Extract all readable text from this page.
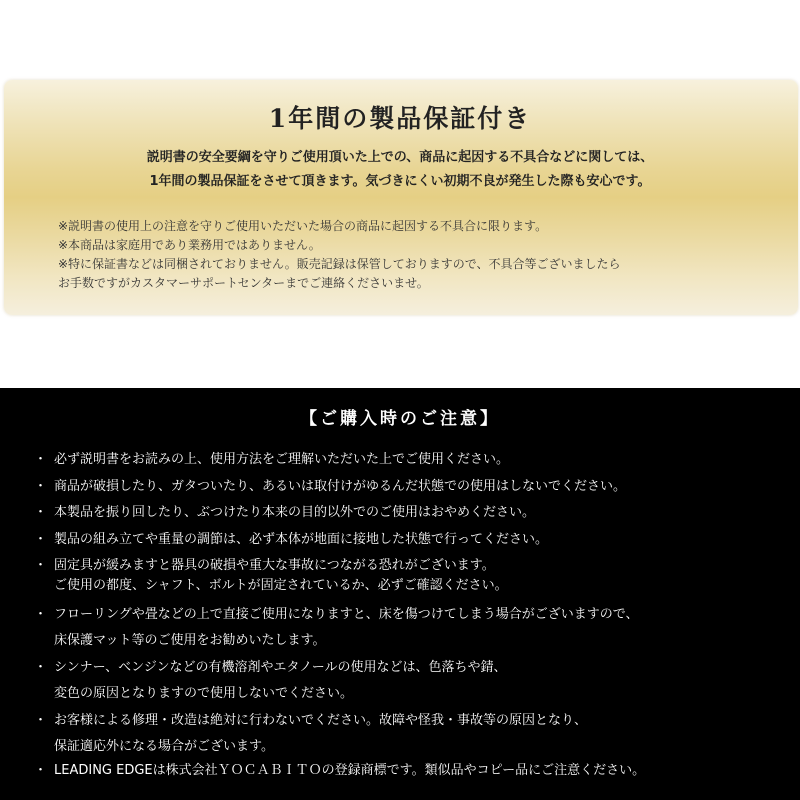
1年間の製品保証付き

説明書の安全要綱を守りご使用頂いた上での、商品に起因する不具合などに関しては、

1年間の製品保証をさせて頂きます。気づきにくい初期不良が発生した際も安心です。

※説明書の使用上の注意を守りご使用いただいた場合の商品に起因する不具合に限ります。

※本商品は家庭用であり業務用ではありません。

※特に保証書などは同梱されておりません。販売記録は保管しておりますので、不具合等ございましたら

お手数ですがカスタマーサポートセンターまでご連絡くださいませ。

【ご購入時のご注意】
・ 必ず説明書をお読みの上、使用方法をご理解いただいた上でご使用ください。
・ 商品が破損したり、ガタついたり、あるいは取付けがゆるんだ状態での使用はしないでください。
・ 本製品を振り回したり、ぶつけたり本来の目的以外でのご使用はおやめください。
・ 製品の組み立てや重量の調節は、必ず本体が地面に接地した状態で行ってください。
・ 固定具が緩みますと器具の破損や重大な事故につながる恐れがございます。
ご使用の都度、シャフト、ボルトが固定されているか、必ずご確認ください。
・ フローリングや畳などの上で直接ご使用になりますと、床を傷つけてしまう場合がございますので、
床保護マット等のご使用をお勧めいたします。
・ シンナー、ベンジンなどの有機溶剤やエタノールの使用などは、色落ちや錆、
変色の原因となりますので使用しないでください。
・ お客様による修理・改造は絶対に行わないでください。故障や怪我・事故等の原因となり、
保証適応外になる場合がございます。
・ LEADING EDGEは株式会社ＹＯＣＡＢＩＴＯの登録商標です。類似品やコピー品にご注意ください。
